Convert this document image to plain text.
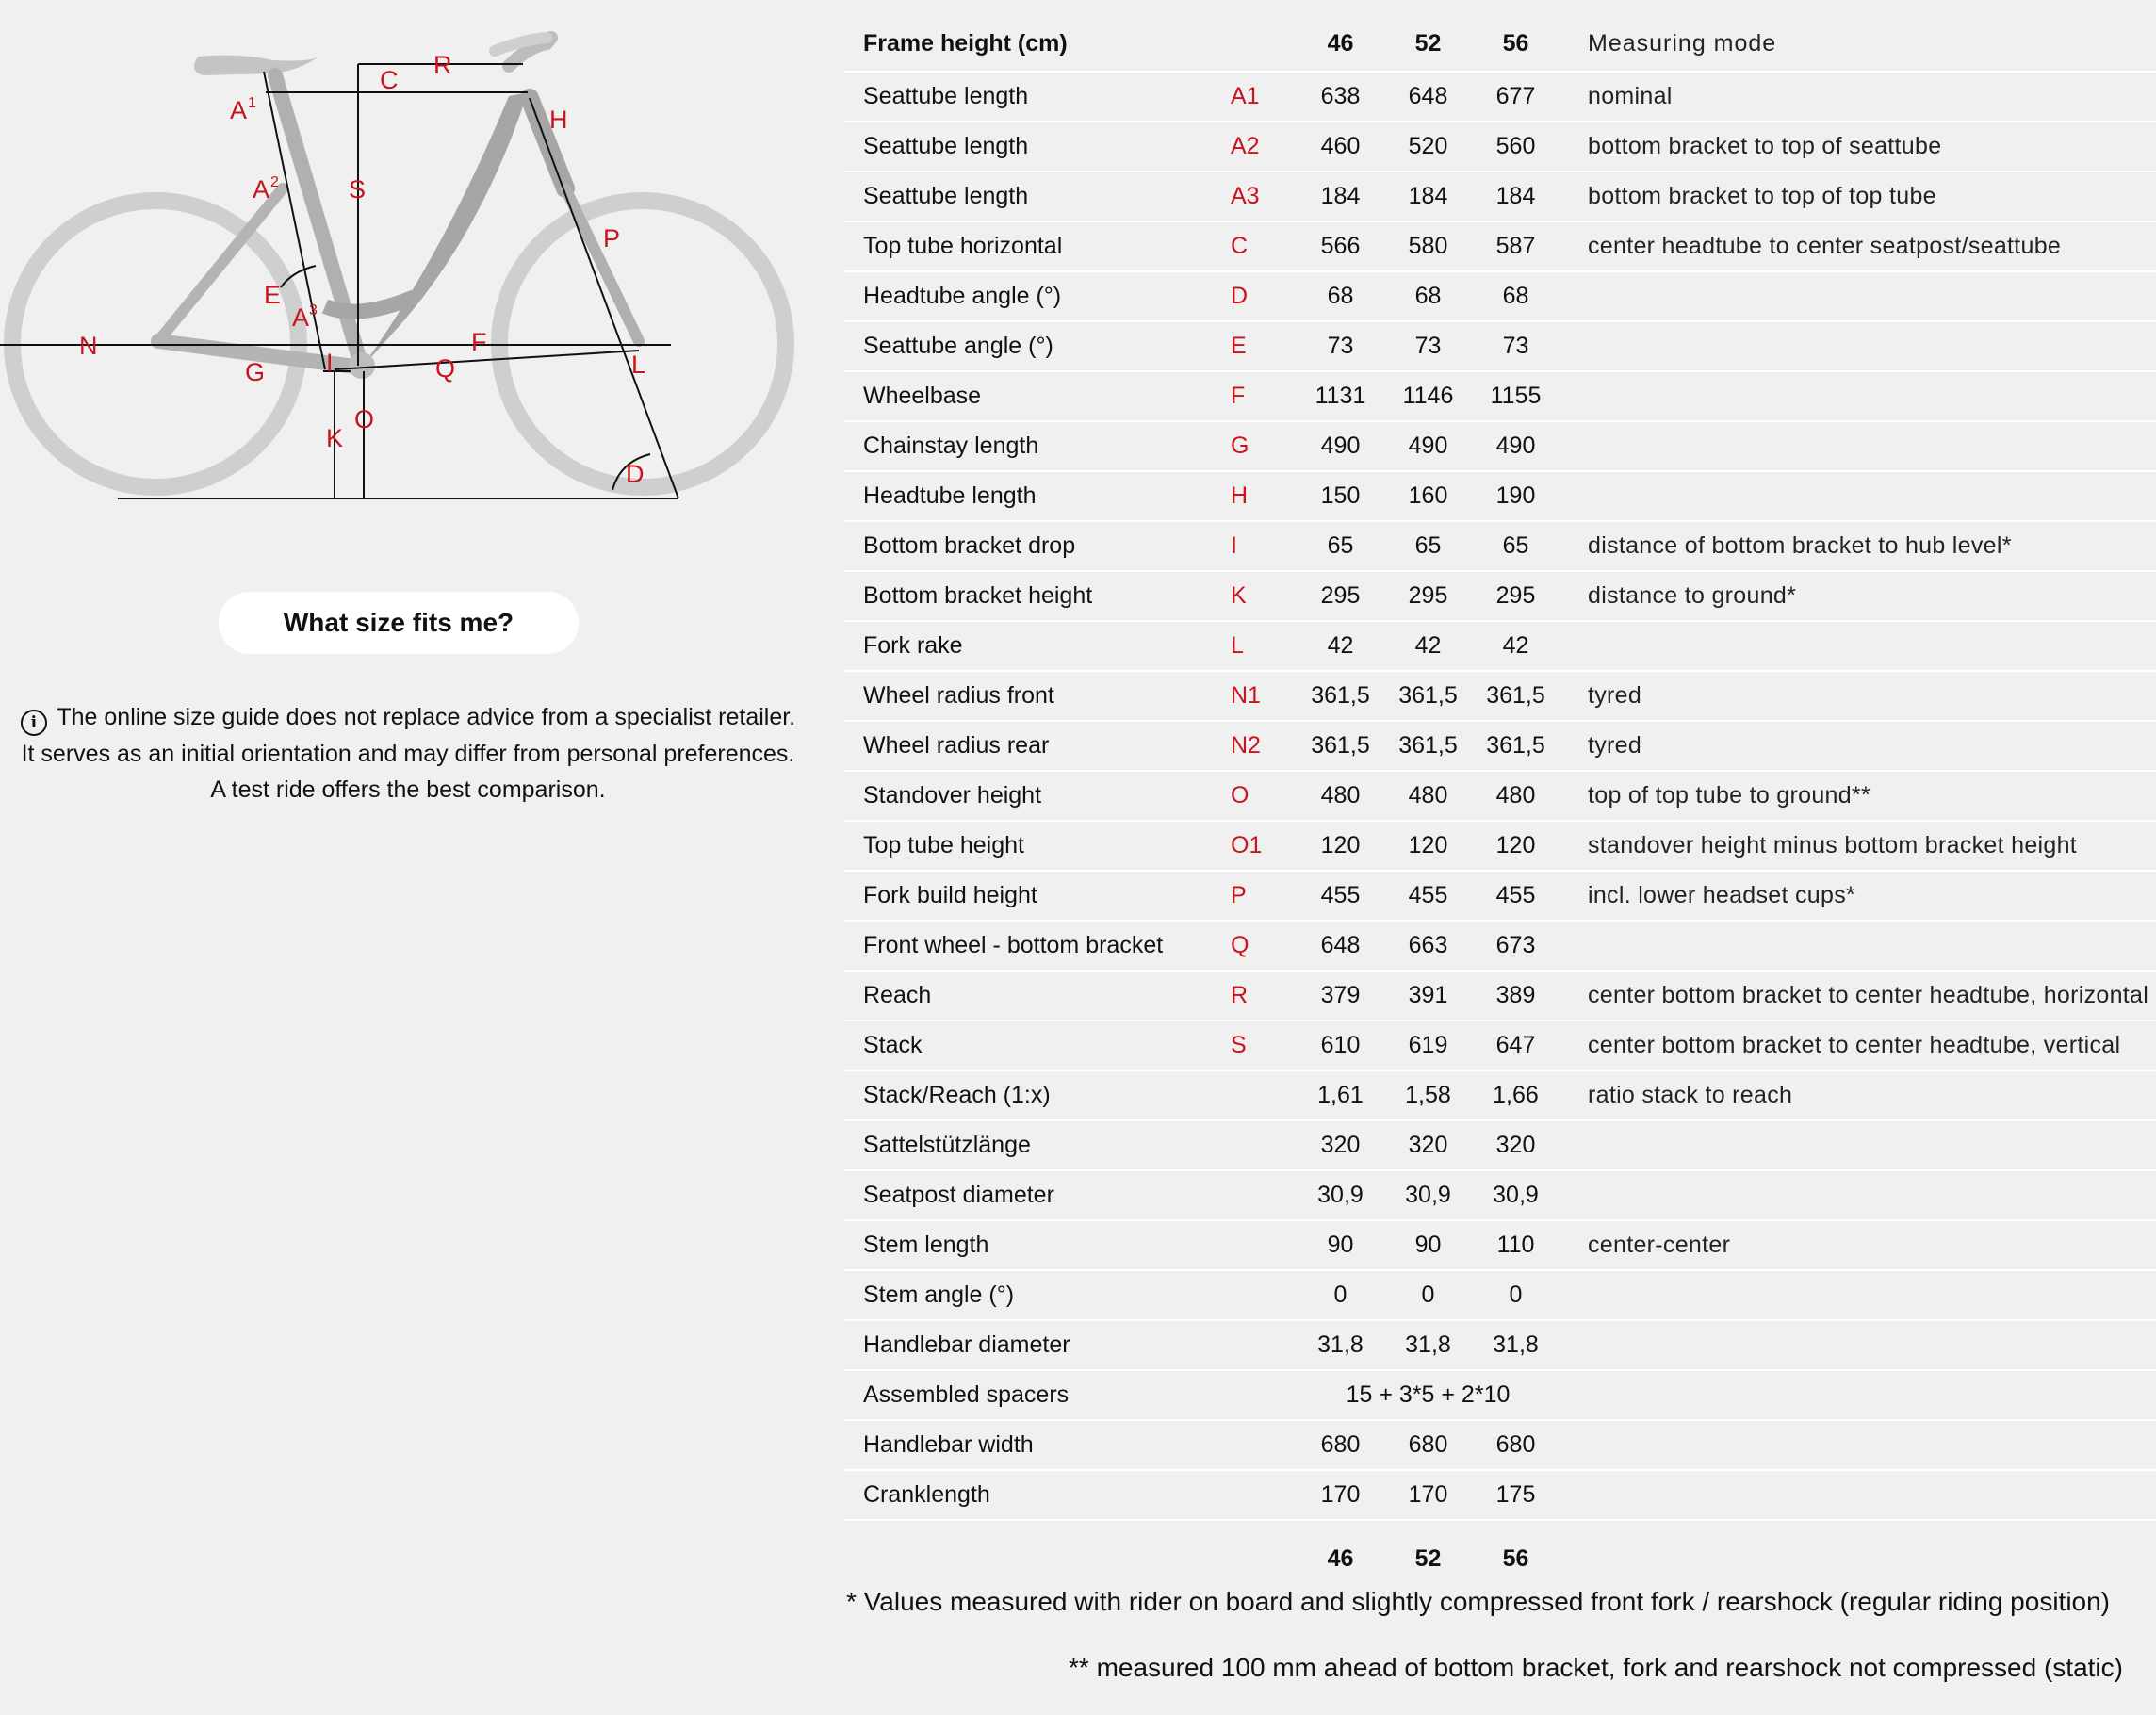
A 1
A 2
C
R
H
S
P
E
A 3
N	F
G I	Q	L
K
O
D
What size fits me?
i The online size guide does not replace advice from a specialist retailer. It serves as an initial orientation and may differ from personal preferences. A test ride offers the best comparison.
Frame height (cm)		46	52	56	Measuring mode
Seattube length	A1	638	648	677	nominal
Seattube length	A2	460	520	560	bottom bracket to top of seattube
Seattube length	A3	184	184	184	bottom bracket to top of top tube
Top tube horizontal	C	566	580	587	center headtube to center seatpost/seattube
Headtube angle (°)	D	68	68	68	
Seattube angle (°)	E	73	73	73	
Wheelbase	F	1131	1146	1155	
Chainstay length	G	490	490	490	
Headtube length	H	150	160	190	
Bottom bracket drop	I	65	65	65	distance of bottom bracket to hub level*
Bottom bracket height	K	295	295	295	distance to ground*
Fork rake	L	42	42	42	
Wheel radius front	N1	361,5	361,5	361,5	tyred
Wheel radius rear	N2	361,5	361,5	361,5	tyred
Standover height	O	480	480	480	top of top tube to ground**
Top tube height	O1	120	120	120	standover height minus bottom bracket height
Fork build height	P	455	455	455	incl. lower headset cups*
Front wheel - bottom bracket	Q	648	663	673	
Reach	R	379	391	389	center bottom bracket to center headtube, horizontal
Stack	S	610	619	647	center bottom bracket to center headtube, vertical
Stack/Reach (1:x)		1,61	1,58	1,66	ratio stack to reach
Sattelstützlänge		320	320	320	
Seatpost diameter		30,9	30,9	30,9	
Stem length		90	90	110	center-center
Stem angle (°)		0	0	0	
Handlebar diameter		31,8	31,8	31,8	
Assembled spacers		15 + 3*5 + 2*10			
Handlebar width		680	680	680	
Cranklength		170	170	175	
		46	52	56	
* Values measured with rider on board and slightly compressed front fork / rearshock (regular riding position)
** measured 100 mm ahead of bottom bracket, fork and rearshock not compressed (static)
